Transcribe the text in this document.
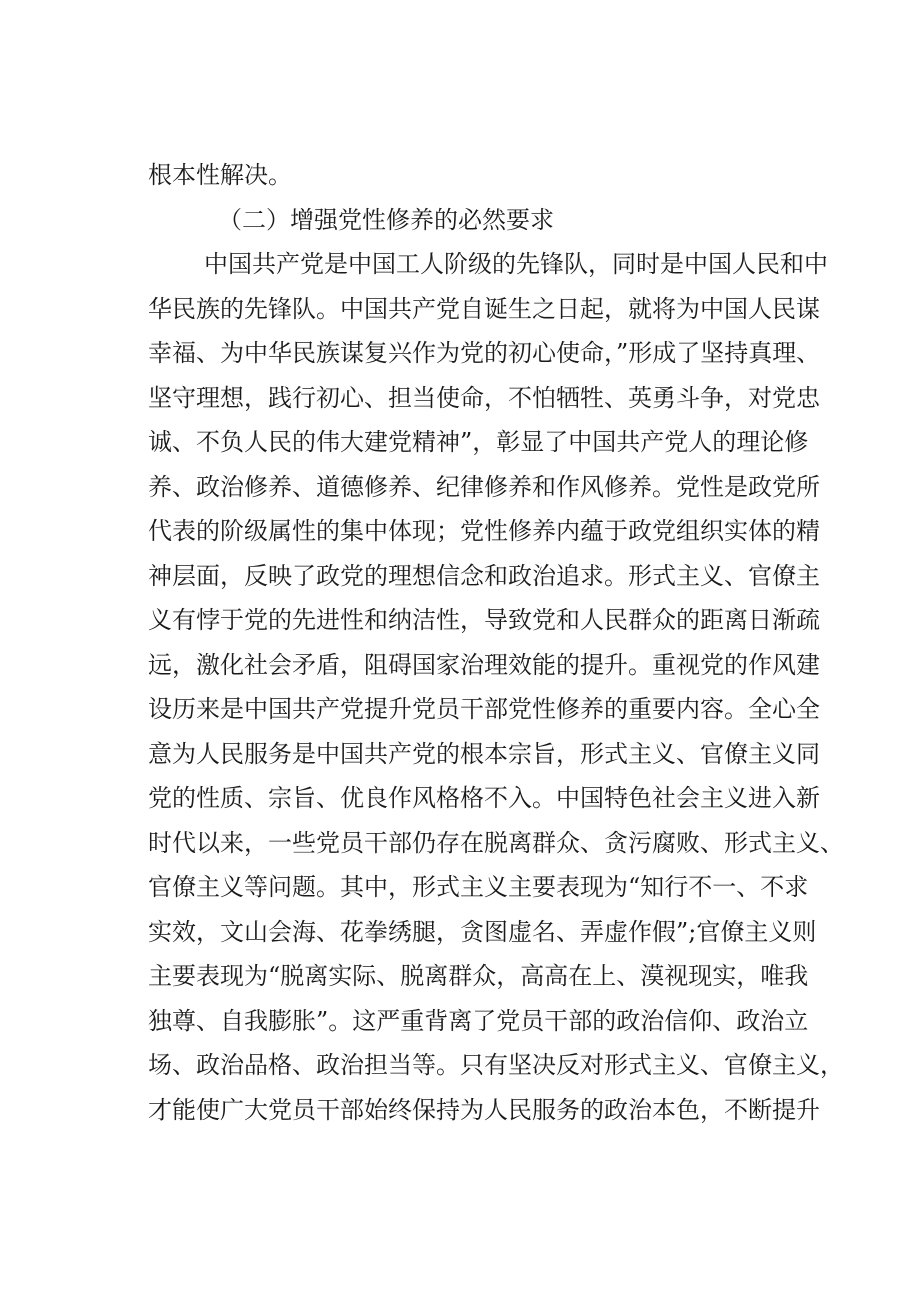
根本性解决。
（二）增强党性修养的必然要求
中国共产党是中国工人阶级的先锋队，同时是中国人民和中
华民族的先锋队。中国共产党自诞生之日起，就将为中国人民谋
幸福、为中华民族谋复兴作为党的初心使命，”形成了坚持真理、
坚守理想，践行初心、担当使命，不怕牺牲、英勇斗争，对党忠
诚、不负人民的伟大建党精神”，彰显了中国共产党人的理论修
养、政治修养、道德修养、纪律修养和作风修养。党性是政党所
代表的阶级属性的集中体现；党性修养内蕴于政党组织实体的精
神层面，反映了政党的理想信念和政治追求。形式主义、官僚主
义有悖于党的先进性和纳洁性，导致党和人民群众的距离日渐疏
远，激化社会矛盾，阻碍国家治理效能的提升。重视党的作风建
设历来是中国共产党提升党员干部党性修养的重要内容。全心全
意为人民服务是中国共产党的根本宗旨，形式主义、官僚主义同
党的性质、宗旨、优良作风格格不入。中国特色社会主义进入新
时代以来，一些党员干部仍存在脱离群众、贪污腐败、形式主义、
官僚主义等问题。其中，形式主义主要表现为“知行不一、不求
实效，文山会海、花拳绣腿，贪图虚名、弄虚作假”;官僚主义则
主要表现为“脱离实际、脱离群众，高高在上、漠视现实，唯我
独尊、自我膨胀”。这严重背离了党员干部的政治信仰、政治立
场、政治品格、政治担当等。只有坚决反对形式主义、官僚主义，
才能使广大党员干部始终保持为人民服务的政治本色，不断提升
